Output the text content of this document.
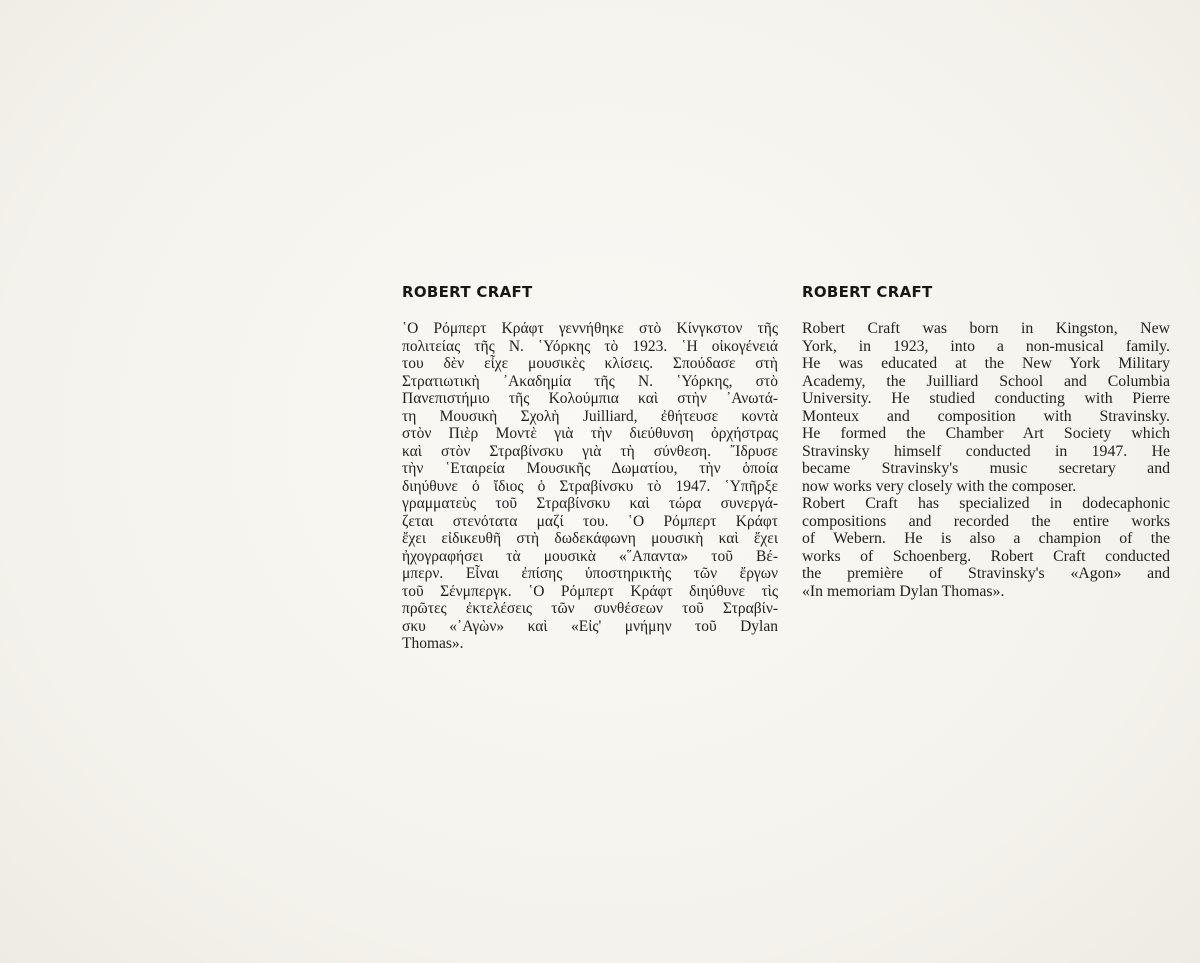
ROBERT CRAFT
῾Ο Ρόμπερτ Κράφτ γεννήθηκε στὸ Κίνγκστον τῆς
πολιτείας τῆς Ν. ῾Υόρκης τὸ 1923. ῾Η οἰκογένειά
του δὲν εἶχε μουσικὲς κλίσεις. Σπούδασε στὴ
Στρατιωτικὴ ᾿Ακαδημία τῆς Ν. ῾Υόρκης, στὸ
Πανεπιστήμιο τῆς Κολούμπια καὶ στὴν ᾿Ανωτά-
τη Μουσικὴ Σχολὴ Juilliard, ἐθήτευσε κοντὰ
στὸν Πιὲρ Μοντὲ γιὰ τὴν διεύθυνση ὀρχήστρας
καὶ στὸν Στραβίνσκυ γιὰ τὴ σύνθεση. ῎Ιδρυσε
τὴν ῾Εταιρεία Μουσικῆς Δωματίου, τὴν ὁποία
διηύθυνε ὁ ἴδιος ὁ Στραβίνσκυ τὸ 1947. ῾Υπῆρξε
γραμματεὺς τοῦ Στραβίνσκυ καὶ τώρα συνεργά-
ζεται στενότατα μαζί του. ῾Ο Ρόμπερτ Κράφτ
ἔχει εἰδικευθῆ στὴ δωδεκάφωνη μουσικὴ καὶ ἔχει
ἠχογραφήσει τὰ μουσικὰ «῞Απαντα» τοῦ Βέ-
μπερν. Εἶναι ἐπίσης ὑποστηρικτὴς τῶν ἔργων
τοῦ Σένμπεργκ. ῾Ο Ρόμπερτ Κράφτ διηύθυνε τὶς
πρῶτες ἐκτελέσεις τῶν συνθέσεων τοῦ Στραβίν-
σκυ «᾿Αγὼν» καὶ «Εἰς' μνήμην τοῦ Dylan
Thomas».
ROBERT CRAFT
Robert Craft was born in Kingston, New
York, in 1923, into a non-musical family.
He was educated at the New York Military
Academy, the Juilliard School and Columbia
University. He studied conducting with Pierre
Monteux and composition with Stravinsky.
He formed the Chamber Art Society which
Stravinsky himself conducted in 1947. He
became Stravinsky's music secretary and
now works very closely with the composer.
Robert Craft has specialized in dodecaphonic
compositions and recorded the entire works
of Webern. He is also a champion of the
works of Schoenberg. Robert Craft conducted
the première of Stravinsky's «Agon» and
«In memoriam Dylan Thomas».
